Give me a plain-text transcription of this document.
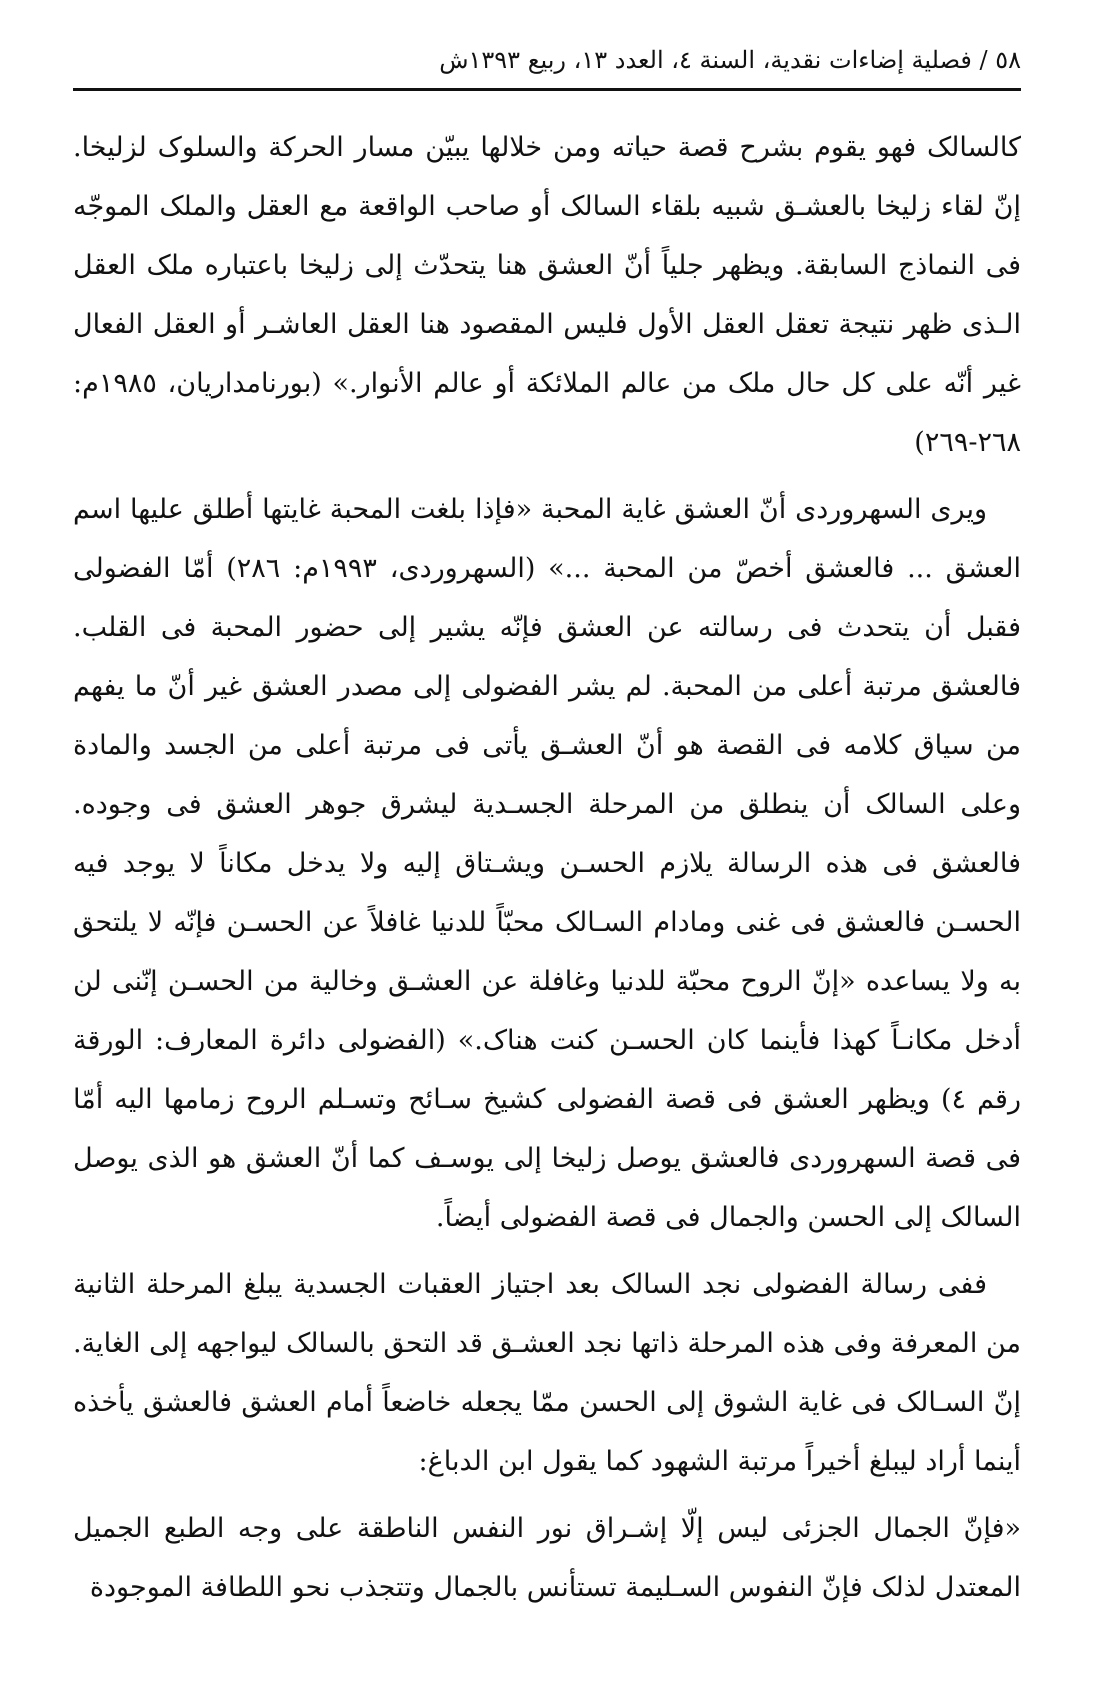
٥٨ / فصلية إضاءات نقدية، السنة ٤، العدد ١٣، ربيع ١٣٩٣ش

كالسالک فهو يقوم بشرح قصة حياته ومن خلالها يبيّن مسار الحرکة والسلوک لزليخا. إنّ لقاء زليخا بالعشـق شبيه بلقاء السالک أو صاحب الواقعة مع العقل والملک الموجّه فی النماذج السابقة. ويظهر جلياً أنّ العشق هنا يتحدّث إلی زليخا باعتباره ملک العقل الـذی ظهر نتيجة تعقل العقل الأول فليس المقصود هنا العقل العاشـر أو العقل الفعال غير أنّه علی کل حال ملک من عالم الملائکة أو عالم الأنوار.» (بورنامداريان، ١٩٨٥م: ٢٦٨-٢٦٩)

ويری السهروردی أنّ العشق غاية المحبة «فإذا بلغت المحبة غايتها أطلق عليها اسم العشق ... فالعشق أخصّ من المحبة ...» (السهروردی، ١٩٩٣م: ٢٨٦) أمّا الفضولی فقبل أن يتحدث فی رسالته عن العشق فإنّه يشير إلی حضور المحبة فی القلب. فالعشق مرتبة أعلی من المحبة. لم يشر الفضولی إلی مصدر العشق غير أنّ ما يفهم من سياق کلامه فی القصة هو أنّ العشـق يأتی فی مرتبة أعلی من الجسد والمادة وعلی السالک أن ينطلق من المرحلة الجسـدية ليشرق جوهر العشق فی وجوده. فالعشق فی هذه الرسالة يلازم الحسـن ويشـتاق إليه ولا يدخل مکاناً لا يوجد فيه الحسـن فالعشق فی غنی ومادام السـالک محبّاً للدنيا غافلاً عن الحسـن فإنّه لا يلتحق به ولا يساعده «إنّ الروح محبّة للدنيا وغافلة عن العشـق وخالية من الحسـن إنّنی لن أدخل مکانـاً کهذا فأينما کان الحسـن کنت هناک.» (الفضولی دائرة المعارف: الورقة رقم ٤) ويظهر العشق فی قصة الفضولی کشيخ سـائح وتسـلم الروح زمامها اليه أمّا فی قصة السهروردی فالعشق يوصل زليخا إلی يوسـف کما أنّ العشق هو الذی يوصل السالک إلی الحسن والجمال فی قصة الفضولی أيضاً.

ففی رسالة الفضولی نجد السالک بعد اجتياز العقبات الجسدية يبلغ المرحلة الثانية من المعرفة وفی هذه المرحلة ذاتها نجد العشـق قد التحق بالسالک ليواجهه إلی الغاية. إنّ السـالک فی غاية الشوق إلی الحسن ممّا يجعله خاضعاً أمام العشق فالعشق يأخذه أينما أراد ليبلغ أخيراً مرتبة الشهود کما يقول ابن الدباغ:

«فإنّ الجمال الجزئی ليس إلّا إشـراق نور النفس الناطقة علی وجه الطبع الجميل المعتدل لذلک فإنّ النفوس السـليمة تستأنس بالجمال وتتجذب نحو اللطافة الموجودة
